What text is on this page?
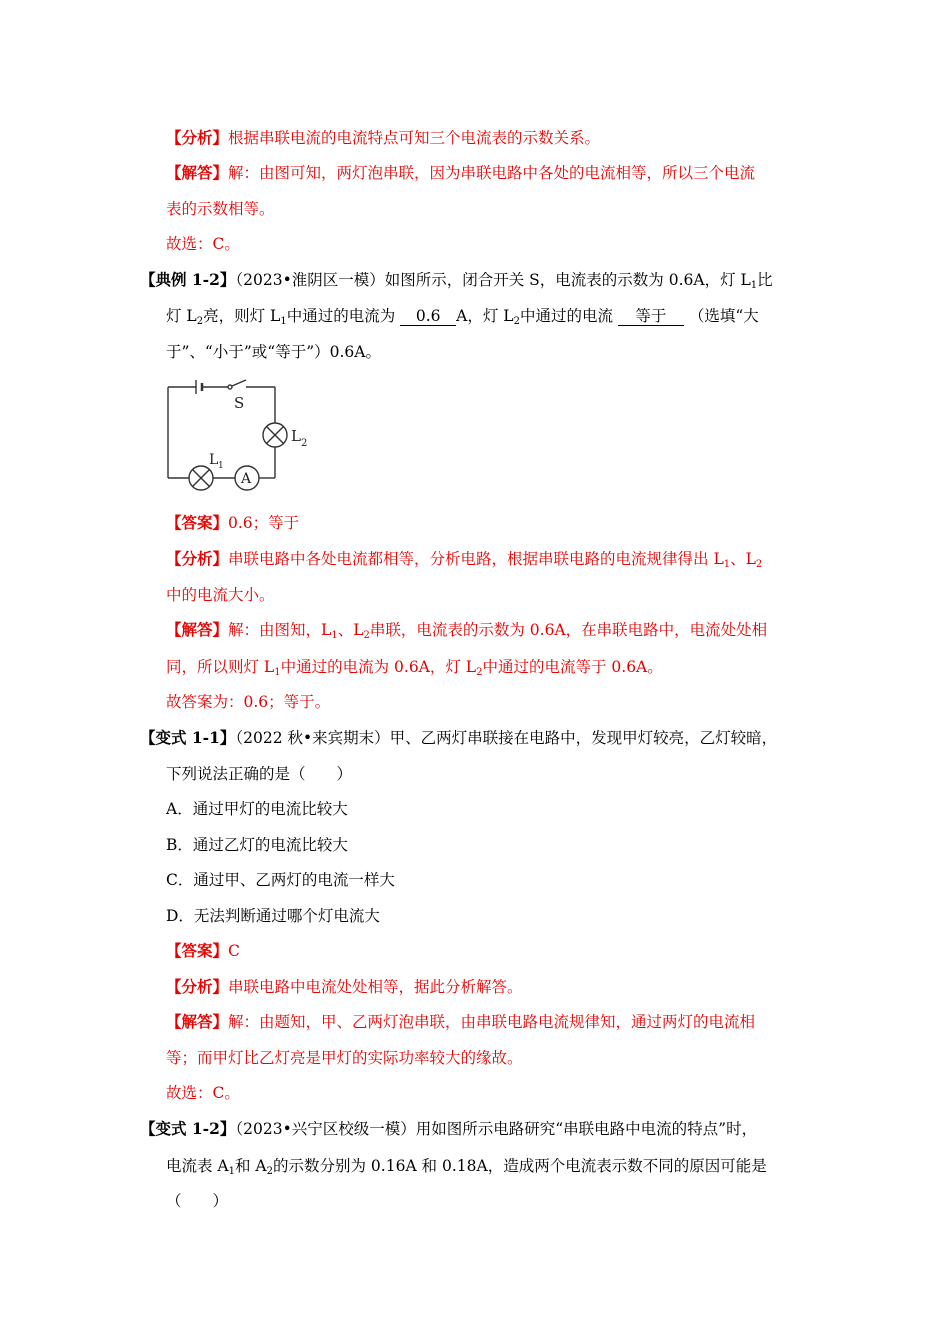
【分析】根据串联电流的电流特点可知三个电流表的示数关系。
【解答】解：由图可知，两灯泡串联，因为串联电路中各处的电流相等，所以三个电流
表的示数相等。
故选：C。
【典例 1-2】（2023•淮阴区一模）如图所示，闭合开关 S，电流表的示数为 0.6A，灯 $L_1$比
灯 $L_2$亮，则灯 $L_1$中通过的电流为 0.6 A，灯 $L_2$中通过的电流 等于 （选填“大
于”、“小于”或“等于”）0.6A。
S
L 2
L 1
A
【答案】0.6；等于
【分析】串联电路中各处电流都相等，分析电路，根据串联电路的电流规律得出 $L_1$、$L_2$
中的电流大小。
【解答】解：由图知，$L_1$、$L_2$串联，电流表的示数为 0.6A，在串联电路中，电流处处相
同，所以则灯 $L_1$中通过的电流为 0.6A，灯 $L_2$中通过的电流等于 0.6A。
故答案为：0.6；等于。
【变式 1-1】（2022 秋•来宾期末）甲、乙两灯串联接在电路中，发现甲灯较亮，乙灯较暗，
下列说法正确的是（　　）
A．通过甲灯的电流比较大
B．通过乙灯的电流比较大
C．通过甲、乙两灯的电流一样大
D．无法判断通过哪个灯电流大
【答案】C
【分析】串联电路中电流处处相等，据此分析解答。
【解答】解：由题知，甲、乙两灯泡串联，由串联电路电流规律知，通过两灯的电流相
等；而甲灯比乙灯亮是甲灯的实际功率较大的缘故。
故选：C。
【变式 1-2】（2023•兴宁区校级一模）用如图所示电路研究“串联电路中电流的特点”时，
电流表 $A_1$和 $A_2$的示数分别为 0.16A 和 0.18A，造成两个电流表示数不同的原因可能是
（　　）
